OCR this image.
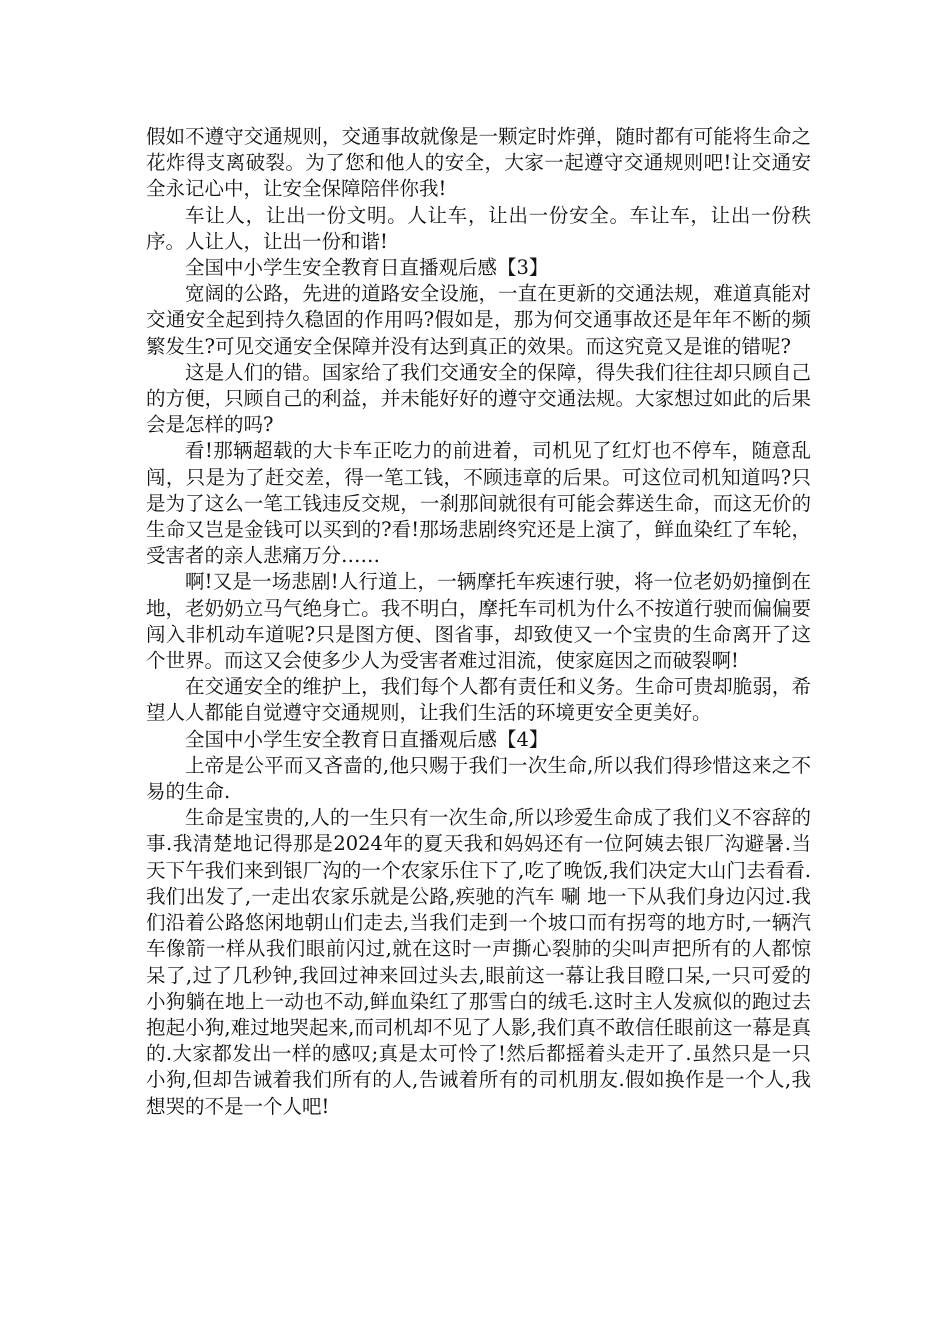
假如不遵守交通规则，交通事故就像是一颗定时炸弹，随时都有可能将生命之花炸得支离破裂。为了您和他人的安全，大家一起遵守交通规则吧!让交通安全永记心中，让安全保障陪伴你我!

车让人，让出一份文明。人让车，让出一份安全。车让车，让出一份秩序。人让人，让出一份和谐!

全国中小学生安全教育日直播观后感【3】

宽阔的公路，先进的道路安全设施，一直在更新的交通法规，难道真能对交通安全起到持久稳固的作用吗?假如是，那为何交通事故还是年年不断的频繁发生?可见交通安全保障并没有达到真正的效果。而这究竟又是谁的错呢?

这是人们的错。国家给了我们交通安全的保障，得失我们往往却只顾自己的方便，只顾自己的利益，并未能好好的遵守交通法规。大家想过如此的后果会是怎样的吗?

看!那辆超载的大卡车正吃力的前进着，司机见了红灯也不停车，随意乱闯，只是为了赶交差，得一笔工钱，不顾违章的后果。可这位司机知道吗?只是为了这么一笔工钱违反交规，一刹那间就很有可能会葬送生命，而这无价的生命又岂是金钱可以买到的?看!那场悲剧终究还是上演了，鲜血染红了车轮，受害者的亲人悲痛万分……

啊!又是一场悲剧!人行道上，一辆摩托车疾速行驶，将一位老奶奶撞倒在地，老奶奶立马气绝身亡。我不明白，摩托车司机为什么不按道行驶而偏偏要闯入非机动车道呢?只是图方便、图省事，却致使又一个宝贵的生命离开了这个世界。而这又会使多少人为受害者难过泪流，使家庭因之而破裂啊!

在交通安全的维护上，我们每个人都有责任和义务。生命可贵却脆弱，希望人人都能自觉遵守交通规则，让我们生活的环境更安全更美好。

全国中小学生安全教育日直播观后感【4】

上帝是公平而又吝啬的,他只赐于我们一次生命,所以我们得珍惜这来之不易的生命.

生命是宝贵的,人的一生只有一次生命,所以珍爱生命成了我们义不容辞的事.我清楚地记得那是2024年的夏天我和妈妈还有一位阿姨去银厂沟避暑.当天下午我们来到银厂沟的一个农家乐住下了,吃了晚饭,我们决定大山门去看看.我们出发了,一走出农家乐就是公路,疾驰的汽车 唰 地一下从我们身边闪过.我们沿着公路悠闲地朝山们走去,当我们走到一个坡口而有拐弯的地方时,一辆汽车像箭一样从我们眼前闪过,就在这时一声撕心裂肺的尖叫声把所有的人都惊呆了,过了几秒钟,我回过神来回过头去,眼前这一幕让我目瞪口呆,一只可爱的小狗躺在地上一动也不动,鲜血染红了那雪白的绒毛.这时主人发疯似的跑过去抱起小狗,难过地哭起来,而司机却不见了人影,我们真不敢信任眼前这一幕是真的.大家都发出一样的感叹;真是太可怜了!然后都摇着头走开了.虽然只是一只小狗,但却告诫着我们所有的人,告诫着所有的司机朋友.假如换作是一个人,我想哭的不是一个人吧!
